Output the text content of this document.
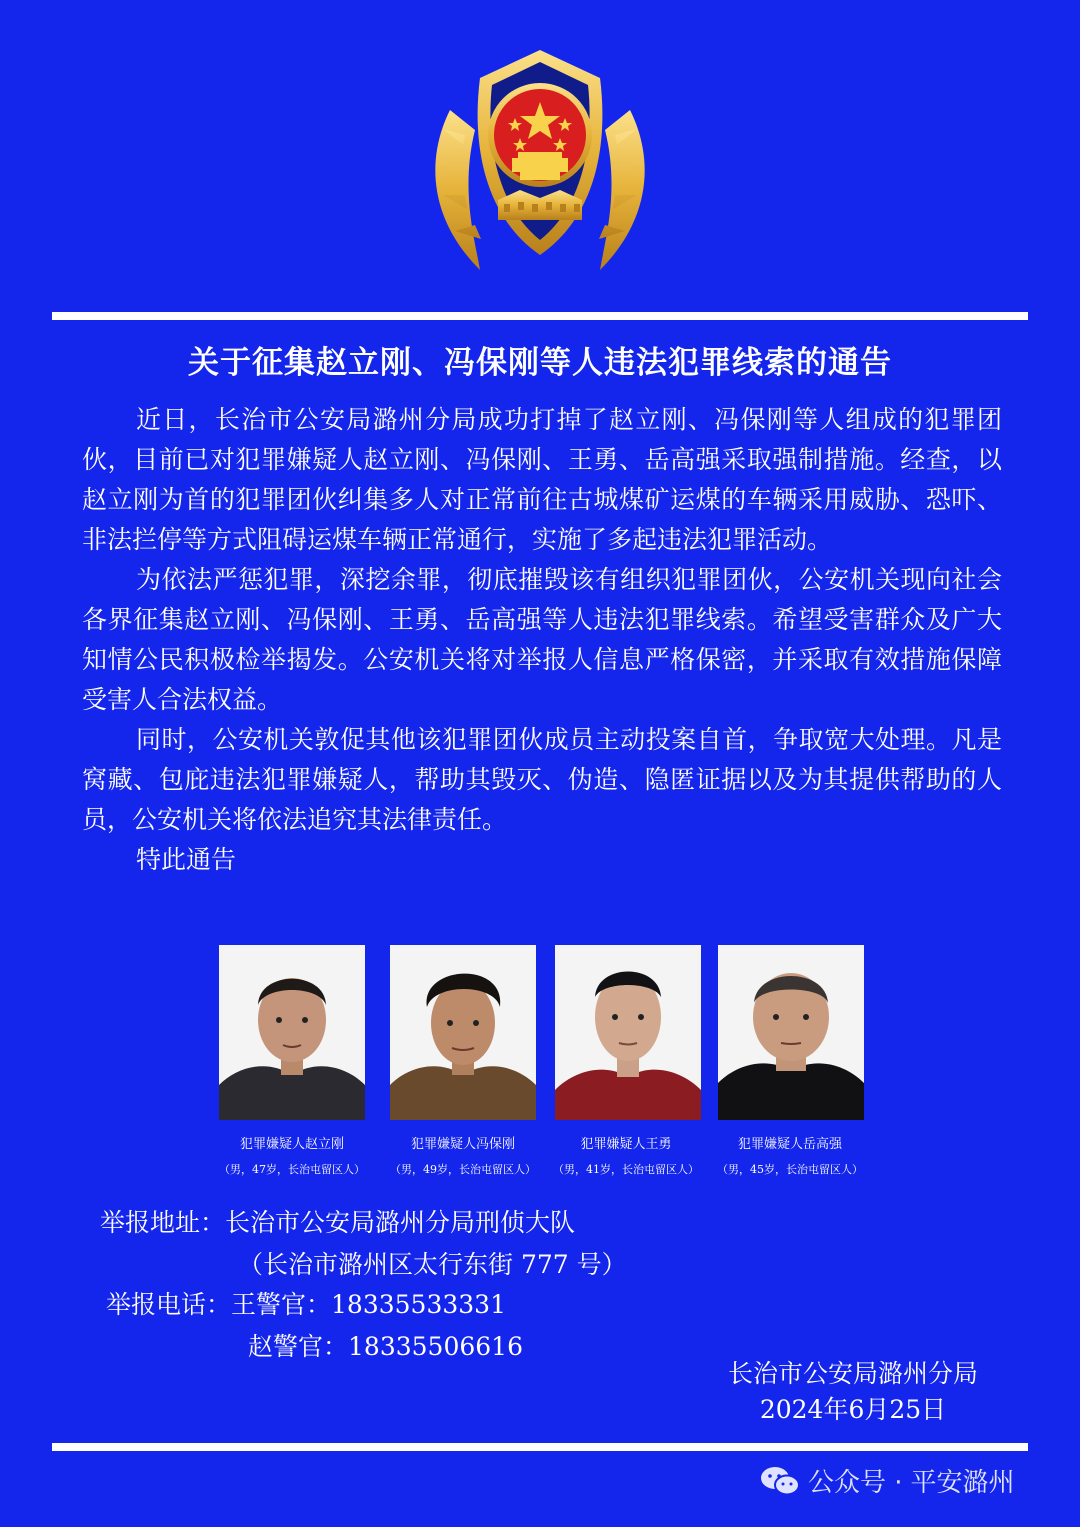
关于征集赵立刚、冯保刚等人违法犯罪线索的通告

近日，长治市公安局潞州分局成功打掉了赵立刚、冯保刚等人组成的犯罪团伙，目前已对犯罪嫌疑人赵立刚、冯保刚、王勇、岳高强采取强制措施。经查，以赵立刚为首的犯罪团伙纠集多人对正常前往古城煤矿运煤的车辆采用威胁、恐吓、非法拦停等方式阻碍运煤车辆正常通行，实施了多起违法犯罪活动。

为依法严惩犯罪，深挖余罪，彻底摧毁该有组织犯罪团伙，公安机关现向社会各界征集赵立刚、冯保刚、王勇、岳高强等人违法犯罪线索。希望受害群众及广大知情公民积极检举揭发。公安机关将对举报人信息严格保密，并采取有效措施保障受害人合法权益。

同时，公安机关敦促其他该犯罪团伙成员主动投案自首，争取宽大处理。凡是窝藏、包庇违法犯罪嫌疑人，帮助其毁灭、伪造、隐匿证据以及为其提供帮助的人员，公安机关将依法追究其法律责任。

特此通告

犯罪嫌疑人赵立刚
（男，47岁，长治屯留区人）
犯罪嫌疑人冯保刚
（男，49岁，长治屯留区人）
犯罪嫌疑人王勇
（男，41岁，长治屯留区人）
犯罪嫌疑人岳高强
（男，45岁，长治屯留区人）
举报地址：长治市公安局潞州分局刑侦大队
（长治市潞州区太行东街 777 号）
举报电话：王警官：18335533331
赵警官：18335506616
长治市公安局潞州分局
2024年6月25日
公众号 · 平安潞州
